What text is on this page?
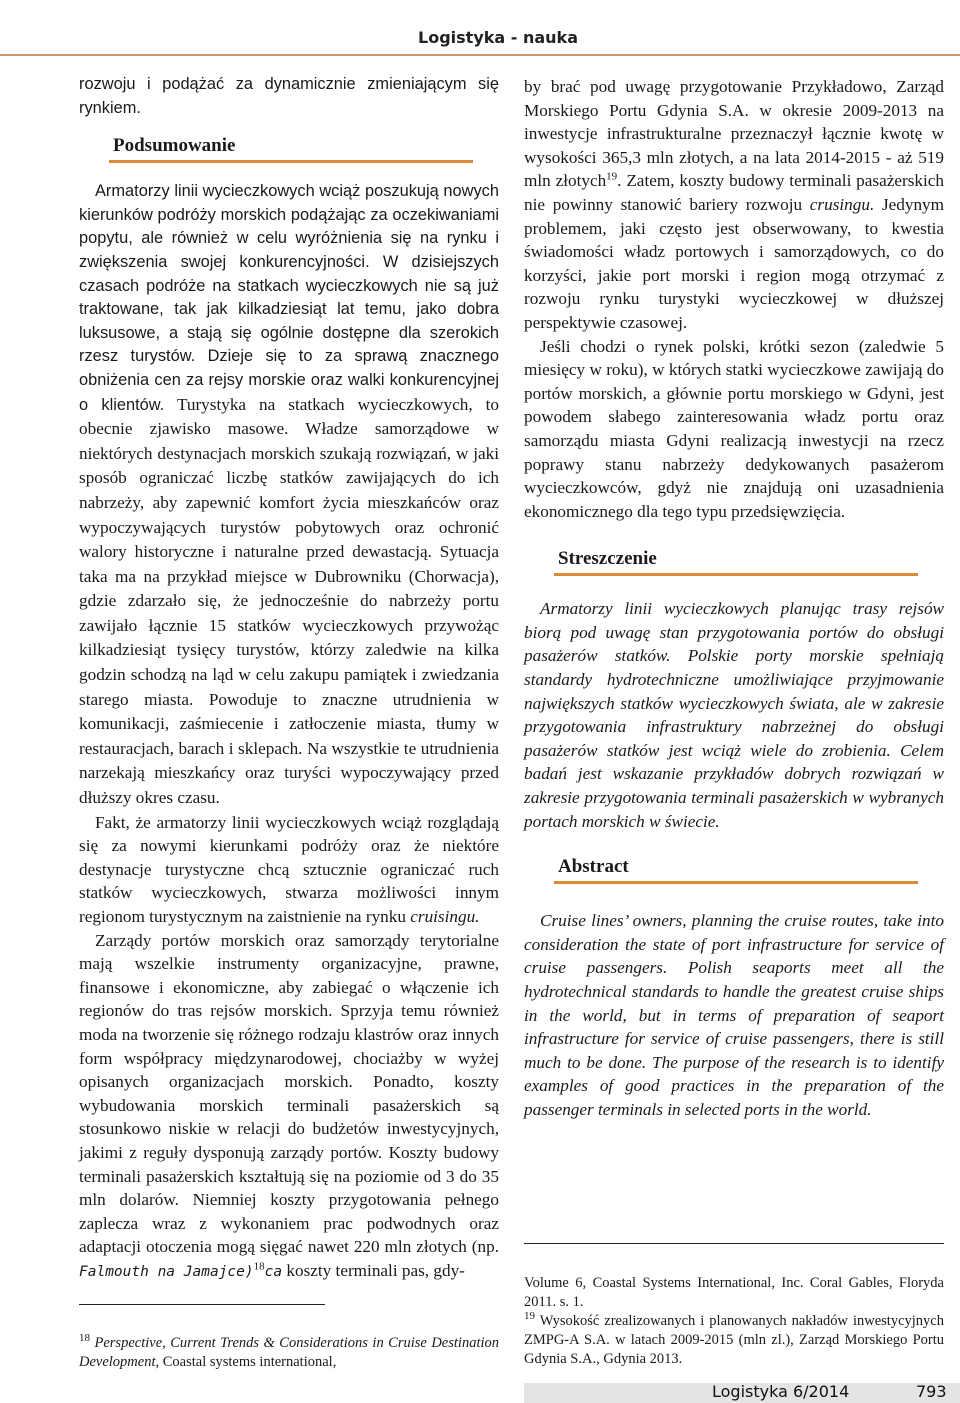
Logistyka - nauka

rozwoju i podążać za dynamicznie zmieniającym się rynkiem.

Podsumowanie

Armatorzy linii wycieczkowych wciąż poszukują nowych kierunków podróży morskich podążając za oczekiwaniami popytu, ale również w celu wyróżnienia się na rynku i zwiększenia swojej konkurencyjności. W dzisiejszych czasach podróże na statkach wycieczkowych nie są już traktowane, tak jak kilkadziesiąt lat temu, jako dobra luksusowe, a stają się ogólnie dostępne dla szerokich rzesz turystów. Dzieje się to za sprawą znacznego obniżenia cen za rejsy morskie oraz walki konkurencyjnej o klientów. Turystyka na statkach wycieczkowych, to obecnie zjawisko masowe. Władze samorządowe w niektórych destynacjach morskich szukają rozwiązań, w jaki sposób ograniczać liczbę statków zawijających do ich nabrzeży, aby zapewnić komfort życia mieszkańców oraz wypoczywających turystów pobytowych oraz ochronić walory historyczne i naturalne przed dewastacją. Sytuacja taka ma na przykład miejsce w Dubrowniku (Chorwacja), gdzie zdarzało się, że jednocześnie do nabrzeży portu zawijało łącznie 15 statków wycieczkowych przywożąc kilkadziesiąt tysięcy turystów, którzy zaledwie na kilka godzin schodzą na ląd w celu zakupu pamiątek i zwiedzania starego miasta. Powoduje to znaczne utrudnienia w komunikacji, zaśmiecenie i zatłoczenie miasta, tłumy w restauracjach, barach i sklepach. Na wszystkie te utrudnienia narzekają mieszkańcy oraz turyści wypoczywający przed dłuższy okres czasu.

Fakt, że armatorzy linii wycieczkowych wciąż rozglądają się za nowymi kierunkami podróży oraz że niektóre destynacje turystyczne chcą sztucznie ograniczać ruch statków wycieczkowych, stwarza możliwości innym regionom turystycznym na zaistnienie na rynku cruisingu.

Zarządy portów morskich oraz samorządy terytorialne mają wszelkie instrumenty organizacyjne, prawne, finansowe i ekonomiczne, aby zabiegać o włączenie ich regionów do tras rejsów morskich. Sprzyja temu również moda na tworzenie się różnego rodzaju klastrów oraz innych form współpracy międzynarodowej, chociażby w wyżej opisanych organizacjach morskich. Ponadto, koszty wybudowania morskich terminali pasażerskich są stosunkowo niskie w relacji do budżetów inwestycyjnych, jakimi z reguły dysponują zarządy portów. Koszty budowy terminali pasażerskich kształtują się na poziomie od 3 do 35 mln dolarów. Niemniej koszty przygotowania pełnego zaplecza wraz z wykonaniem prac podwodnych oraz adaptacji otoczenia mogą sięgać nawet 220 mln złotych (np. Falmouth na Jamajce)$^{18}$ca koszty terminali pas, gdy-

by brać pod uwagę przygotowanie Przykładowo, Zarząd Morskiego Portu Gdynia S.A. w okresie 2009-2013 na inwestycje infrastrukturalne przeznaczył łącznie kwotę w wysokości 365,3 mln złotych, a na lata 2014-2015 - aż 519 mln złotych$^{19}$. Zatem, koszty budowy terminali pasażerskich nie powinny stanowić bariery rozwoju crusingu. Jedynym problemem, jaki często jest obserwowany, to kwestia świadomości władz portowych i samorządowych, co do korzyści, jakie port morski i region mogą otrzymać z rozwoju rynku turystyki wycieczkowej w dłuższej perspektywie czasowej.

Jeśli chodzi o rynek polski, krótki sezon (zaledwie 5 miesięcy w roku), w których statki wycieczkowe zawijają do portów morskich, a głównie portu morskiego w Gdyni, jest powodem słabego zainteresowania władz portu oraz samorządu miasta Gdyni realizacją inwestycji na rzecz poprawy stanu nabrzeży dedykowanych pasażerom wycieczkowców, gdyż nie znajdują oni uzasadnienia ekonomicznego dla tego typu przedsięwzięcia.

Streszczenie

Armatorzy linii wycieczkowych planując trasy rejsów biorą pod uwagę stan przygotowania portów do obsługi pasażerów statków. Polskie porty morskie spełniają standardy hydrotechniczne umożliwiające przyjmowanie największych statków wycieczkowych świata, ale w zakresie przygotowania infrastruktury nabrzeżnej do obsługi pasażerów statków jest wciąż wiele do zrobienia. Celem badań jest wskazanie przykładów dobrych rozwiązań w zakresie przygotowania terminali pasażerskich w wybranych portach morskich w świecie.

Abstract

Cruise lines’ owners, planning the cruise routes, take into consideration the state of port infrastructure for service of cruise passengers. Polish seaports meet all the hydrotechnical standards to handle the greatest cruise ships in the world, but in terms of preparation of seaport infrastructure for service of cruise passengers, there is still much to be done. The purpose of the research is to identify examples of good practices in the preparation of the passenger terminals in selected ports in the world.

$^{18}$ Perspective, Current Trends & Considerations in Cruise Destination Development, Coastal systems international,
Volume 6, Coastal Systems International, Inc. Coral Gables, Floryda 2011. s. 1.
$^{19}$ Wysokość zrealizowanych i planowanych nakładów inwestycyjnych ZMPG-A S.A. w latach 2009-2015 (mln zl.), Zarząd Morskiego Portu Gdynia S.A., Gdynia 2013.
Logistyka 6/2014	793
